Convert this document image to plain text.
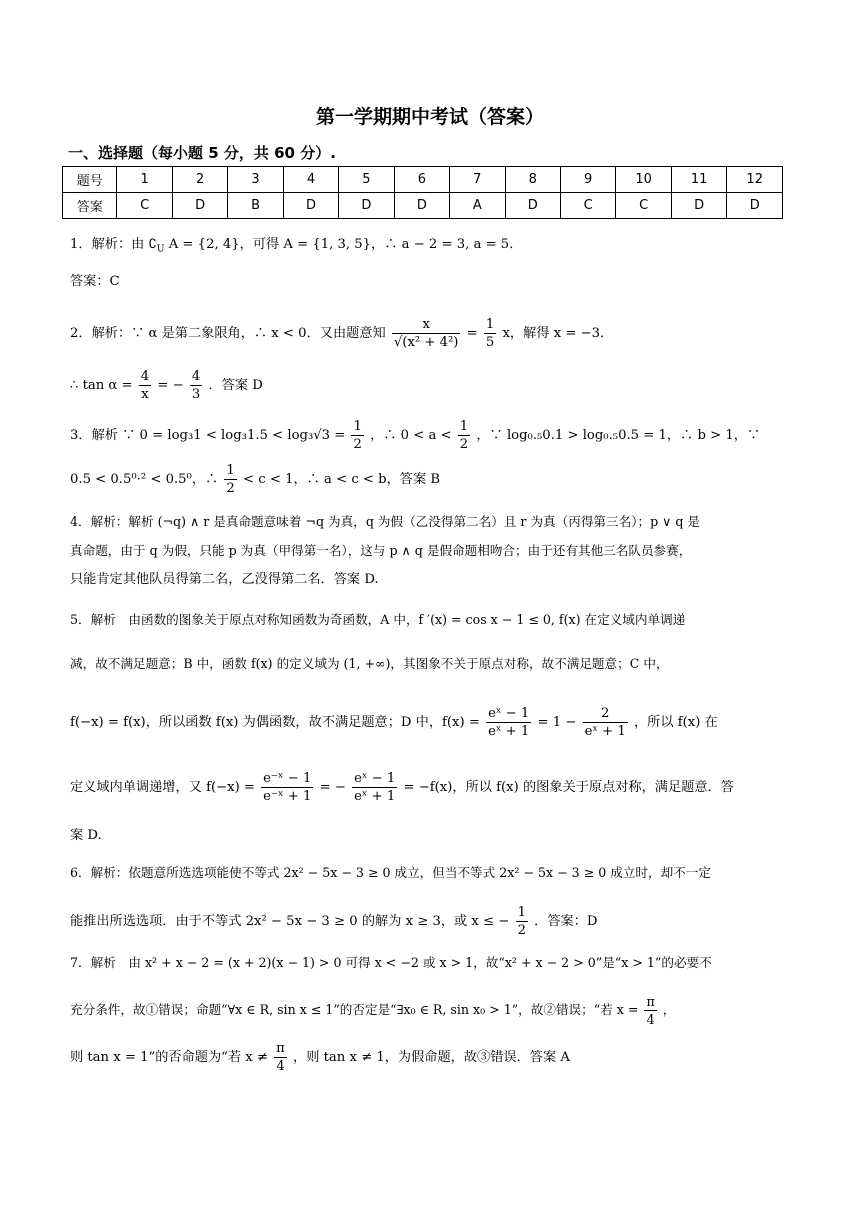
第一学期期中考试（答案）
一、选择题（每小题 5 分，共 60 分）.
题号	1	2	3	4	5	6	7	8	9	10	11	12
答案	C	D	B	D	D	D	A	D	C	C	D	D
1．解析：由 $∁_U$ A = {2, 4}，可得 A = {1, 3, 5}，∴ a − 2 = 3, a = 5．
答案：C
2．解析：∵ α 是第二象限角，∴ x < 0．又由题意知 $\frac{x}{\text{√(x² + 4²)}} = \frac{1}{5}$ x，解得 x = −3．
∴ $\tan \alpha = \frac{4}{x}$ = − $\frac{4}{3}$ ．答案 D
3．解析 ∵ $0 = \log_31 < \log_31.5 < \log_3√3 = \frac{1}{2}$ ，∴ $0 < a < \frac{1}{2}$ ，∵ log₀.₅0.1 > log₀.₅0.5 = 1，∴ b > 1，∵
0.5 < 0.5⁰·² < 0.5⁰，∴ $\frac{1}{2} < c < 1$，∴ a < c < b，答案 B
4．解析：解析 (¬q) ∧ r 是真命题意味着 ¬q 为真，q 为假（乙没得第二名）且 r 为真（丙得第三名）；p ∨ q 是
真命题，由于 q 为假，只能 p 为真（甲得第一名），这与 p ∧ q 是假命题相吻合；由于还有其他三名队员参赛，
只能肯定其他队员得第二名，乙没得第二名．答案 D.
5．解析　由函数的图象关于原点对称知函数为奇函数，A 中，f ′(x) = cos x − 1 ≤ 0, f(x) 在定义域内单调递
减，故不满足题意；B 中，函数 f(x) 的定义域为 (1, +∞)，其图象不关于原点对称，故不满足题意；C 中，
f(−x) = f(x)，所以函数 f(x) 为偶函数，故不满足题意；D 中，$f(x) = \frac{\text{eˣ − 1}}{\text{eˣ + 1}} = 1 - \frac{2}{\text{eˣ + 1}}$ ，所以 f(x) 在
定义域内单调递增，又 $f(-x) = \frac{\text{e⁻ˣ − 1}}{\text{e⁻ˣ + 1}}$ = − $\frac{\text{eˣ − 1}}{\text{eˣ + 1}} = -f(x)$，所以 f(x) 的图象关于原点对称，满足题意．答
案 D.
6．解析：依题意所选选项能使不等式 2x² − 5x − 3 ≥ 0 成立，但当不等式 2x² − 5x − 3 ≥ 0 成立时，却不一定
能推出所选选项．由于不等式 2x² − 5x − 3 ≥ 0 的解为 x ≥ 3，或 x ≤ − $\frac{1}{2}$ ．答案：D
7．解析　由 x² + x − 2 = (x + 2)(x − 1) > 0 可得 x < −2 或 x > 1，故“x² + x − 2 > 0”是“x > 1”的必要不
充分条件，故①错误；命题“∀x ∈ R, sin x ≤ 1”的否定是“∃x₀ ∈ R, sin x₀ > 1”，故②错误；“若 $x = \frac{\pi}{4}$ ，
则 tan x = 1”的否命题为“若 $x \ne \frac{\pi}{4}$ ，则 tan x ≠ 1，为假命题，故③错误．答案 A
